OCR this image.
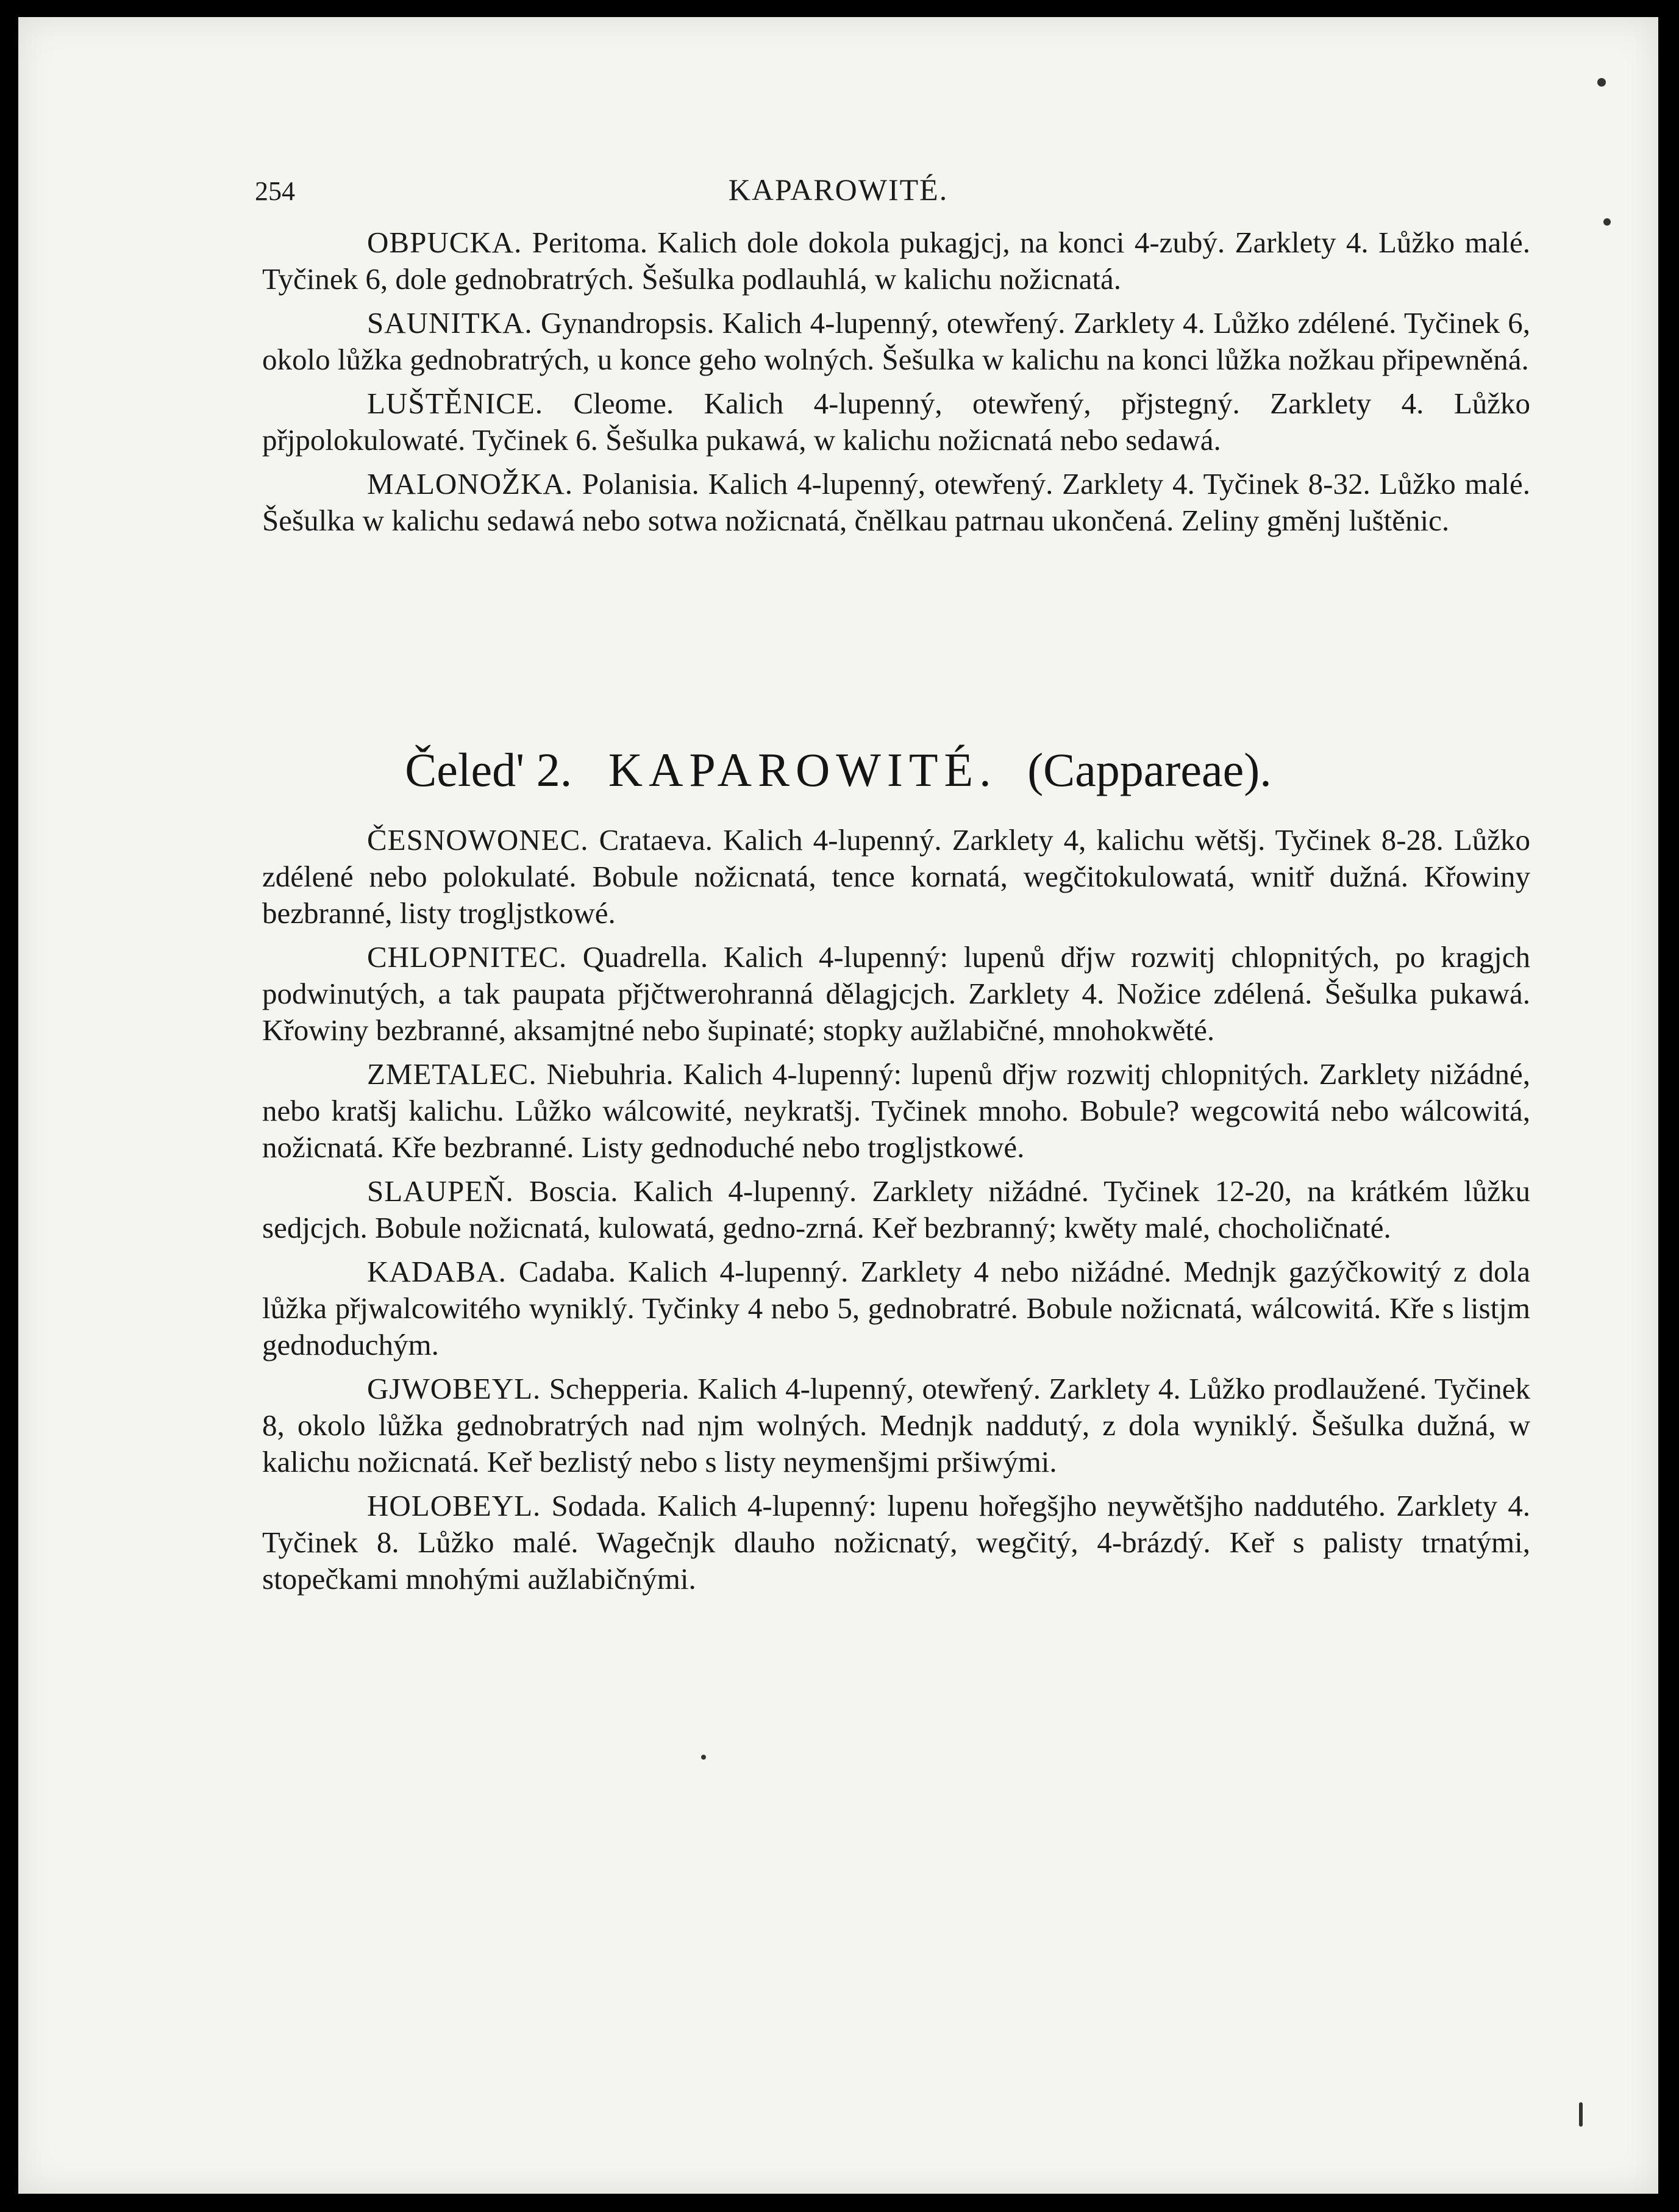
254	KAPAROWITÉ.

OBPUCKA. Peritoma. Kalich dole dokola pukagjcj, na konci 4-zubý. Zarklety 4. Lůžko malé. Tyčinek 6, dole gednobratrých. Šešulka podlauhlá, w kalichu nožicnatá.

SAUNITKA. Gynandropsis. Kalich 4-lupenný, otewřený. Zarklety 4. Lůžko zdélené. Tyčinek 6, okolo lůžka gednobratrých, u konce geho wolných. Šešulka w kalichu na konci lůžka nožkau připewněná.

LUŠTĚNICE. Cleome. Kalich 4-lupenný, otewřený, přjstegný. Zarklety 4. Lůžko přjpolokulowaté. Tyčinek 6. Šešulka pukawá, w kalichu nožicnatá nebo sedawá.

MALONOŽKA. Polanisia. Kalich 4-lupenný, otewřený. Zarklety 4. Tyčinek 8-32. Lůžko malé. Šešulka w kalichu sedawá nebo sotwa nožicnatá, čnělkau patrnau ukončená. Zeliny gměnj luštěnic.

Čeled' 2. KAPAROWITÉ. (Cappareae).

ČESNOWONEC. Crataeva. Kalich 4-lupenný. Zarklety 4, kalichu wětšj. Tyčinek 8-28. Lůžko zdélené nebo polokulaté. Bobule nožicnatá, tence kornatá, wegčitokulowatá, wnitř dužná. Křowiny bezbranné, listy trogljstkowé.

CHLOPNITEC. Quadrella. Kalich 4-lupenný: lupenů dřjw rozwitj chlopnitých, po kragjch podwinutých, a tak paupata přjčtwerohranná dělagjcjch. Zarklety 4. Nožice zdélená. Šešulka pukawá. Křowiny bezbranné, aksamjtné nebo šupinaté; stopky aužlabičné, mnohokwěté.

ZMETALEC. Niebuhria. Kalich 4-lupenný: lupenů dřjw rozwitj chlopnitých. Zarklety nižádné, nebo kratšj kalichu. Lůžko wálcowité, neykratšj. Tyčinek mnoho. Bobule? wegcowitá nebo wálcowitá, nožicnatá. Kře bezbranné. Listy gednoduché nebo trogljstkowé.

SLAUPEŇ. Boscia. Kalich 4-lupenný. Zarklety nižádné. Tyčinek 12-20, na krátkém lůžku sedjcjch. Bobule nožicnatá, kulowatá, gedno-zrná. Keř bezbranný; kwěty malé, chocholičnaté.

KADABA. Cadaba. Kalich 4-lupenný. Zarklety 4 nebo nižádné. Mednjk gazýčkowitý z dola lůžka přjwalcowitého wyniklý. Tyčinky 4 nebo 5, gednobratré. Bobule nožicnatá, wálcowitá. Kře s listjm gednoduchým.

GJWOBEYL. Schepperia. Kalich 4-lupenný, otewřený. Zarklety 4. Lůžko prodlaužené. Tyčinek 8, okolo lůžka gednobratrých nad njm wolných. Mednjk naddutý, z dola wyniklý. Šešulka dužná, w kalichu nožicnatá. Keř bezlistý nebo s listy neymenšjmi pršiwými.

HOLOBEYL. Sodada. Kalich 4-lupenný: lupenu hořegšjho neywětšjho naddutého. Zarklety 4. Tyčinek 8. Lůžko malé. Wagečnjk dlauho nožicnatý, wegčitý, 4-brázdý. Keř s palisty trnatými, stopečkami mnohými aužlabičnými.
